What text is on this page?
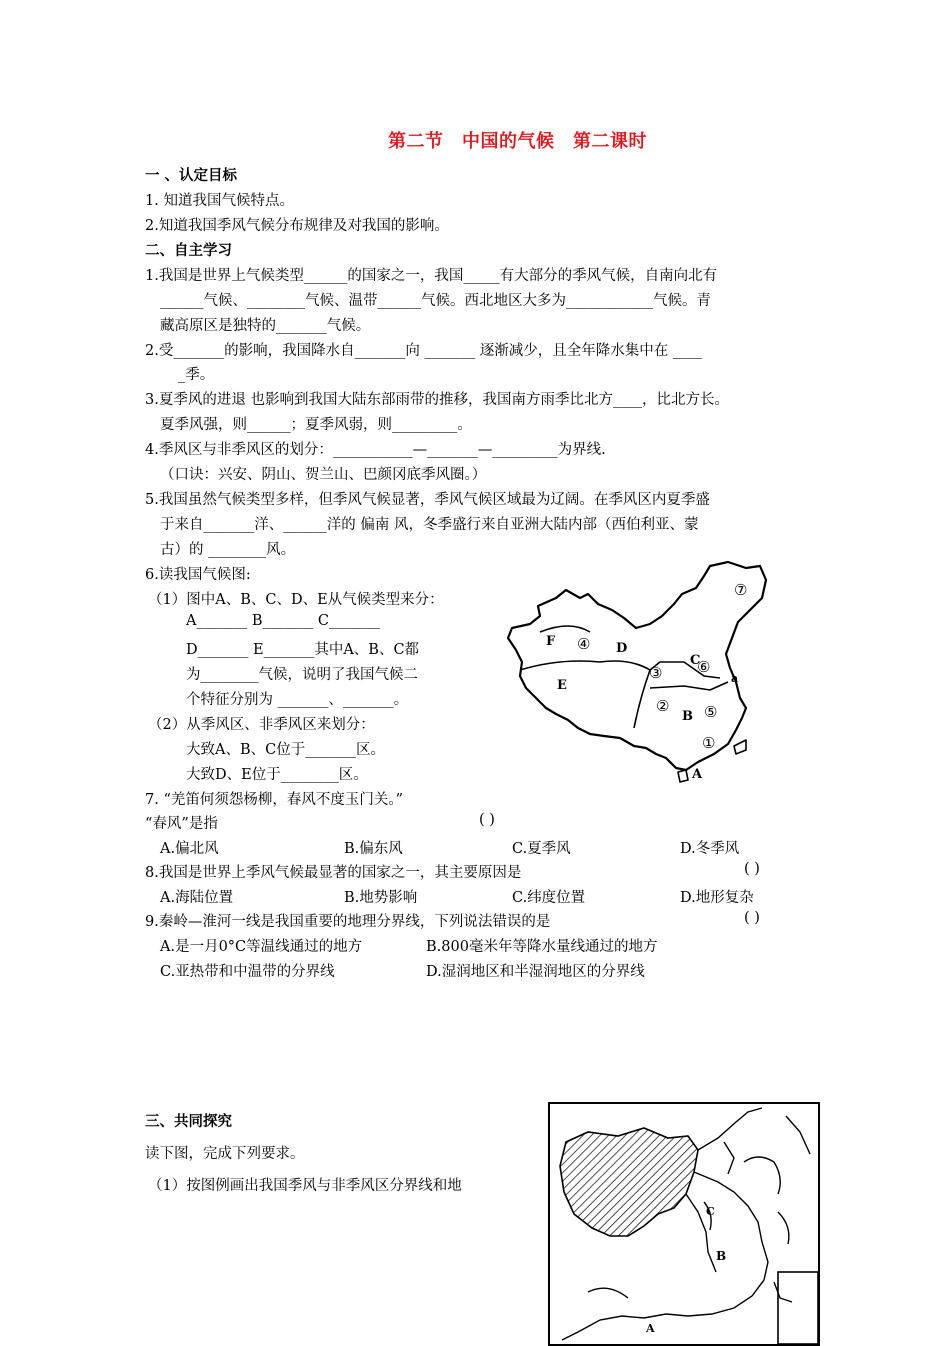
第二节　中国的气候　第二课时
一 、认定目标
1. 知道我国气候特点。
2.知道我国季风气候分布规律及对我国的影响。
二、自主学习
1.我国是世界上气候类型______的国家之一，我国_____有大部分的季风气候，自南向北有
______气候、________气候、温带______气候。西北地区大多为____________气候。青
藏高原区是独特的_______气候。
2.受_______的影响，我国降水自_______向 _______ 逐渐减少，且全年降水集中在 ____
_季。
3.夏季风的进退 也影响到我国大陆东部雨带的推移，我国南方雨季比北方____，比北方长。
夏季风强，则______；夏季风弱，则_________。
4.季风区与非季风区的划分：___________—_______—_________为界线.
（口诀：兴安、阴山、贺兰山、巴颜冈底季风圈。）
5.我国虽然气候类型多样，但季风气候显著，季风气候区域最为辽阔。在季风区内夏季盛
于来自_______洋、______洋的 偏南 风，冬季盛行来自亚洲大陆内部（西伯利亚、蒙
古）的 ________风。
6.读我国气候图:
（1）图中A、B、C、D、E从气候类型来分：
A_______ B_______ C_______
D_______ E_______其中A、B、C都
为________气候，说明了我国气候二
个特征分别为 _______、_______。
（2）从季风区、非季风区来划分：
大致A、B、C位于_______区。
大致D、E位于________区。
F	D
E
C
B
A
a
①
②
③
④
⑤
⑥
⑦
7. “羌笛何须怨杨柳，春风不度玉门关。”
“春风”是指	( )
A.偏北风	B.偏东风	C.夏季风	D.冬季风
8.我国是世界上季风气候最显著的国家之一，其主要原因是	( )
A.海陆位置	B.地势影响	C.纬度位置	D.地形复杂
9.秦岭—淮河一线是我国重要的地理分界线，下列说法错误的是	( )
A.是一月0°C等温线通过的地方	B.800毫米年等降水量线通过的地方
C.亚热带和中温带的分界线	D.湿润地区和半湿润地区的分界线
三、共同探究
读下图，完成下列要求。
（1）按图例画出我国季风与非季风区分界线和地
A
B
C
